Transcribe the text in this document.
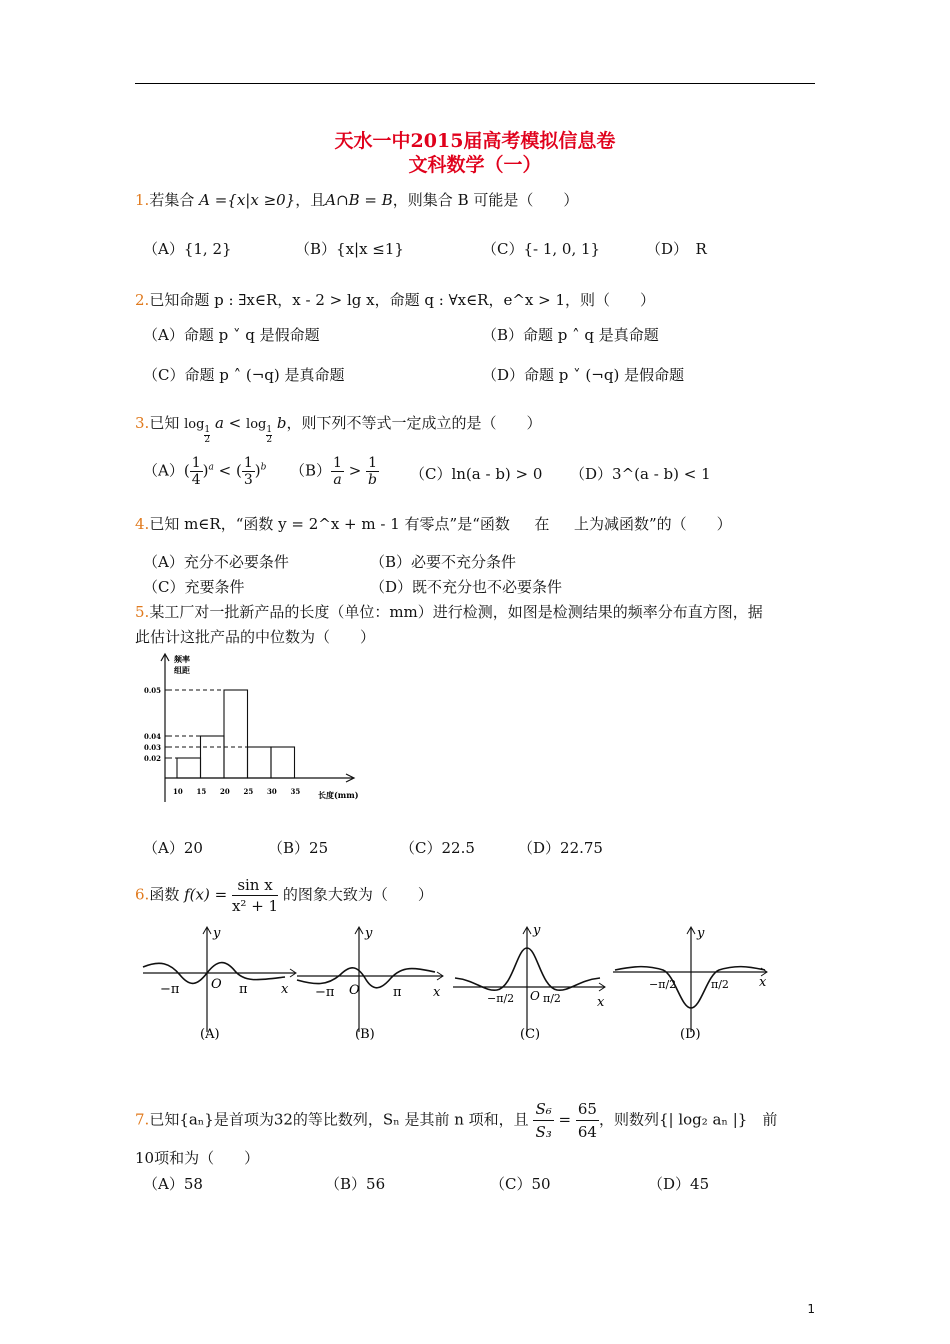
天水一中2015届高考模拟信息卷
文科数学（一）
1.若集合 A ={x|x ≥0}，且A∩B = B，则集合 B 可能是（　　）
（A）{1, 2}	（B）{x|x ≤1}	（C）{- 1, 0, 1}	（D）　R
2.已知命题 p : ∃x∈R，x - 2 > lg x，命题 q : ∀x∈R，e^x > 1，则（　　）
（A）命题 p ˅ q 是假命题	（B）命题 p ˄ q 是真命题
（C）命题 p ˄ (¬q) 是真命题	（D）命题 p ˅ (¬q) 是假命题
3.已知 log
$\frac{1}{2}$
a < log
$\frac{1}{2}$
b，则下列不等式一定成立的是（　　）
$(A)( \frac{1}{4} )^a$ < ( $\frac{1}{3} )^b$ $(B) \frac{1}{a} > \frac{1}{b} (C)\ln(a - b) > 0$ （D）3^(a - b) < 1
4.已知 m∈R，“函数 y = 2^x + m - 1 有零点”是“函数 　 在 　 上为减函数”的（　　）
（A）充分不必要条件	（B）必要不充分条件
（C）充要条件	（D）既不充分也不必要条件
5.某工厂对一批新产品的长度（单位：mm）进行检测，如图是检测结果的频率分布直方图，据
此估计这批产品的中位数为（　　）
频率
组距
长度(mm)
0.02
0.03
0.04
0.05
10 15 20 25 30 35
（A）20	（B）25	（C）22.5	（D）22.75
6.函数 $f(x) = \frac{\text{sin x}}{\text{x² + 1}}$ 的图象大致为（　　）
y
x
O
−π	π
(A)
y
x
O
−π	π
(B)
y
x
O
−π/2	π/2
(C)
y
x
−π/2	π/2
(D)
7.已知{aₙ}是首项为32的等比数列，Sₙ 是其前 n 项和，且 $\frac{\text{S₆}}{\text{S₃}} = \frac{65}{64}$ ，则数列{| log₂ aₙ |}　前
10项和为（　　）
（A）58	（B）56	（C）50	（D）45
1
